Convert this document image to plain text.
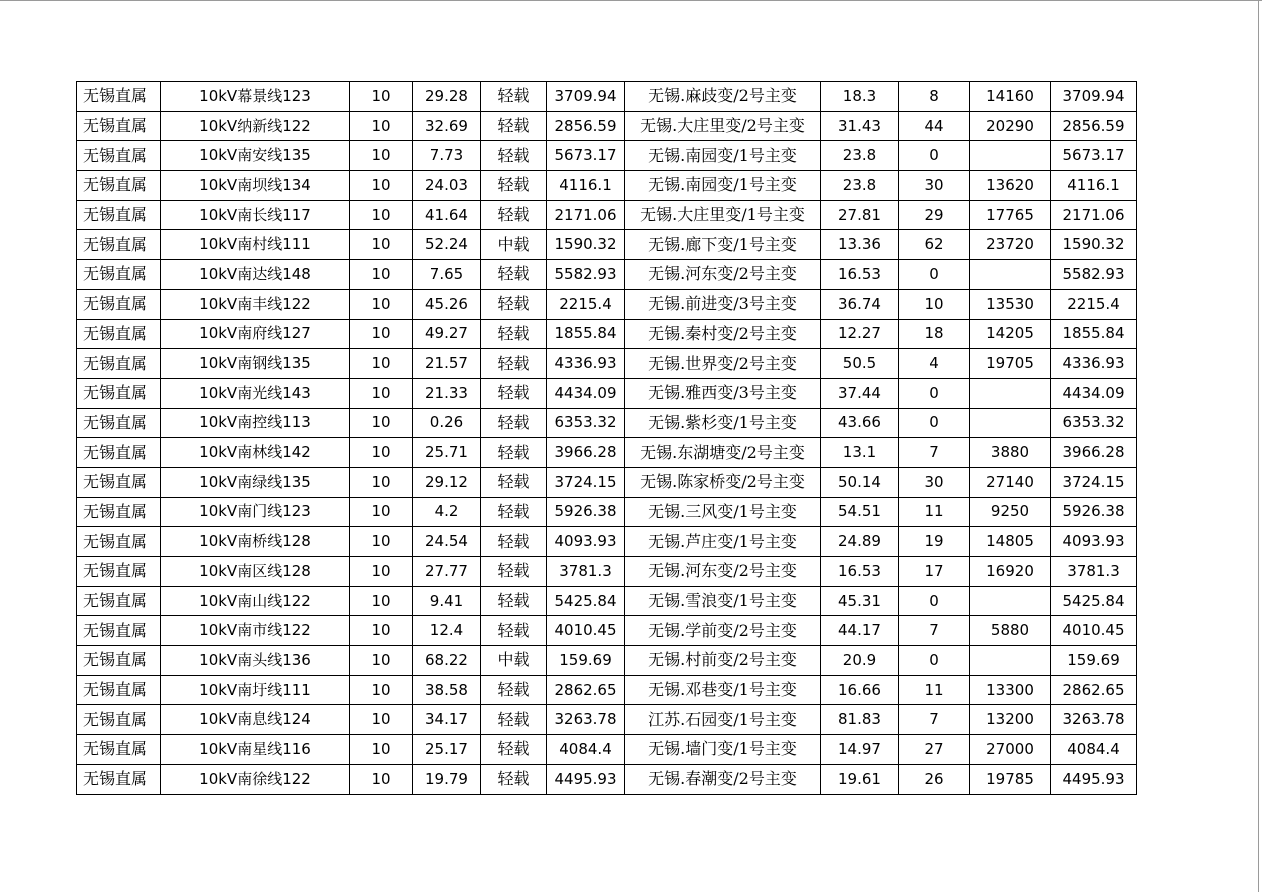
无锡直属	10kV幕景线123	10	29.28	轻载	3709.94	无锡.麻歧变/2号主变	18.3	8	14160	3709.94
无锡直属	10kV纳新线122	10	32.69	轻载	2856.59	无锡.大庄里变/2号主变	31.43	44	20290	2856.59
无锡直属	10kV南安线135	10	7.73	轻载	5673.17	无锡.南园变/1号主变	23.8	0		5673.17
无锡直属	10kV南坝线134	10	24.03	轻载	4116.1	无锡.南园变/1号主变	23.8	30	13620	4116.1
无锡直属	10kV南长线117	10	41.64	轻载	2171.06	无锡.大庄里变/1号主变	27.81	29	17765	2171.06
无锡直属	10kV南村线111	10	52.24	中载	1590.32	无锡.廊下变/1号主变	13.36	62	23720	1590.32
无锡直属	10kV南达线148	10	7.65	轻载	5582.93	无锡.河东变/2号主变	16.53	0		5582.93
无锡直属	10kV南丰线122	10	45.26	轻载	2215.4	无锡.前进变/3号主变	36.74	10	13530	2215.4
无锡直属	10kV南府线127	10	49.27	轻载	1855.84	无锡.秦村变/2号主变	12.27	18	14205	1855.84
无锡直属	10kV南钢线135	10	21.57	轻载	4336.93	无锡.世界变/2号主变	50.5	4	19705	4336.93
无锡直属	10kV南光线143	10	21.33	轻载	4434.09	无锡.雅西变/3号主变	37.44	0		4434.09
无锡直属	10kV南控线113	10	0.26	轻载	6353.32	无锡.紫杉变/1号主变	43.66	0		6353.32
无锡直属	10kV南林线142	10	25.71	轻载	3966.28	无锡.东湖塘变/2号主变	13.1	7	3880	3966.28
无锡直属	10kV南绿线135	10	29.12	轻载	3724.15	无锡.陈家桥变/2号主变	50.14	30	27140	3724.15
无锡直属	10kV南门线123	10	4.2	轻载	5926.38	无锡.三风变/1号主变	54.51	11	9250	5926.38
无锡直属	10kV南桥线128	10	24.54	轻载	4093.93	无锡.芦庄变/1号主变	24.89	19	14805	4093.93
无锡直属	10kV南区线128	10	27.77	轻载	3781.3	无锡.河东变/2号主变	16.53	17	16920	3781.3
无锡直属	10kV南山线122	10	9.41	轻载	5425.84	无锡.雪浪变/1号主变	45.31	0		5425.84
无锡直属	10kV南市线122	10	12.4	轻载	4010.45	无锡.学前变/2号主变	44.17	7	5880	4010.45
无锡直属	10kV南头线136	10	68.22	中载	159.69	无锡.村前变/2号主变	20.9	0		159.69
无锡直属	10kV南圩线111	10	38.58	轻载	2862.65	无锡.邓巷变/1号主变	16.66	11	13300	2862.65
无锡直属	10kV南息线124	10	34.17	轻载	3263.78	江苏.石园变/1号主变	81.83	7	13200	3263.78
无锡直属	10kV南星线116	10	25.17	轻载	4084.4	无锡.墙门变/1号主变	14.97	27	27000	4084.4
无锡直属	10kV南徐线122	10	19.79	轻载	4495.93	无锡.春潮变/2号主变	19.61	26	19785	4495.93
